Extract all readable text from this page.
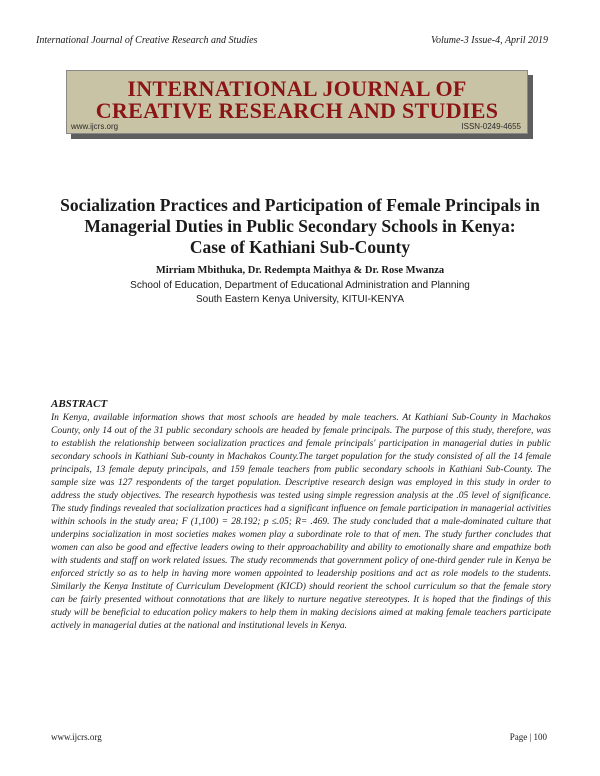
International Journal of Creative Research and Studies	Volume-3 Issue-4, April 2019
INTERNATIONAL JOURNAL OF
CREATIVE RESEARCH AND STUDIES
www.ijcrs.org	ISSN-0249-4655
Socialization Practices and Participation of Female Principals in
Managerial Duties in Public Secondary Schools in Kenya:
Case of Kathiani Sub-County
Mirriam Mbithuka, Dr. Redempta Maithya & Dr. Rose Mwanza
School of Education, Department of Educational Administration and Planning
South Eastern Kenya University, KITUI-KENYA
ABSTRACT
In Kenya, available information shows that most schools are headed by male teachers. At Kathiani Sub-County in Machakos County, only 14 out of the 31 public secondary schools are headed by female principals. The purpose of this study, therefore, was to establish the relationship between socialization practices and female principals' participation in managerial duties in public secondary schools in Kathiani Sub-county in Machakos County.The target population for the study consisted of all the 14 female principals, 13 female deputy principals, and 159 female teachers from public secondary schools in Kathiani Sub-County. The sample size was 127 respondents of the target population. Descriptive research design was employed in this study in order to address the study objectives. The research hypothesis was tested using simple regression analysis at the .05 level of significance. The study findings revealed that socialization practices had a significant influence on female participation in managerial activities within schools in the study area; F (1,100) = 28.192; p ≤.05; R= .469. The study concluded that a male-dominated culture that underpins socialization in most societies makes women play a subordinate role to that of men. The study further concludes that women can also be good and effective leaders owing to their approachability and ability to emotionally share and empathize both with students and staff on work related issues. The study recommends that government policy of one-third gender rule in Kenya be enforced strictly so as to help in having more women appointed to leadership positions and act as role models to the students. Similarly the Kenya Institute of Curriculum Development (KICD) should reorient the school curriculum so that the female story can be fairly presented without connotations that are likely to nurture negative stereotypes. It is hoped that the findings of this study will be beneficial to education policy makers to help them in making decisions aimed at making female teachers participate actively in managerial duties at the national and institutional levels in Kenya.
www.ijcrs.org	Page | 100
